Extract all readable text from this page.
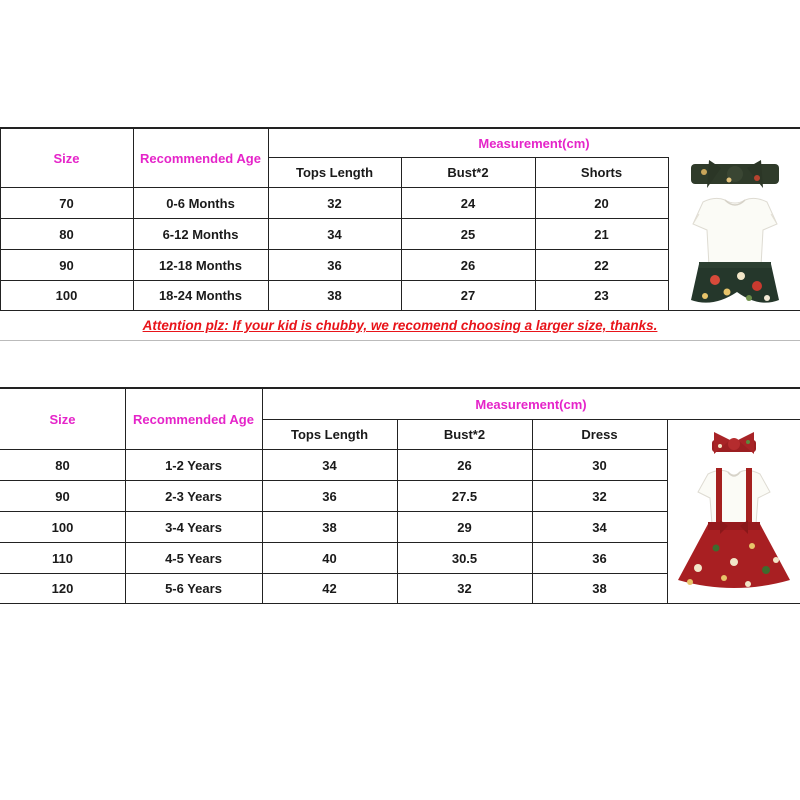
Size	Recommended Age
Measurement(cm)
Tops Length	Bust*2	Shorts
70	0-6 Months	32	24	20
80	6-12 Months	34	25	21
90	12-18 Months	36	26	22
100	18-24 Months	38	27	23
Attention plz: If your kid is chubby, we recomend choosing a larger size, thanks.
Size	Recommended Age
Measurement(cm)
Tops Length	Bust*2	Dress
80	1-2 Years	34	26	30
90	2-3 Years	36	27.5	32
100	3-4 Years	38	29	34
110	4-5 Years	40	30.5	36
120	5-6 Years	42	32	38
